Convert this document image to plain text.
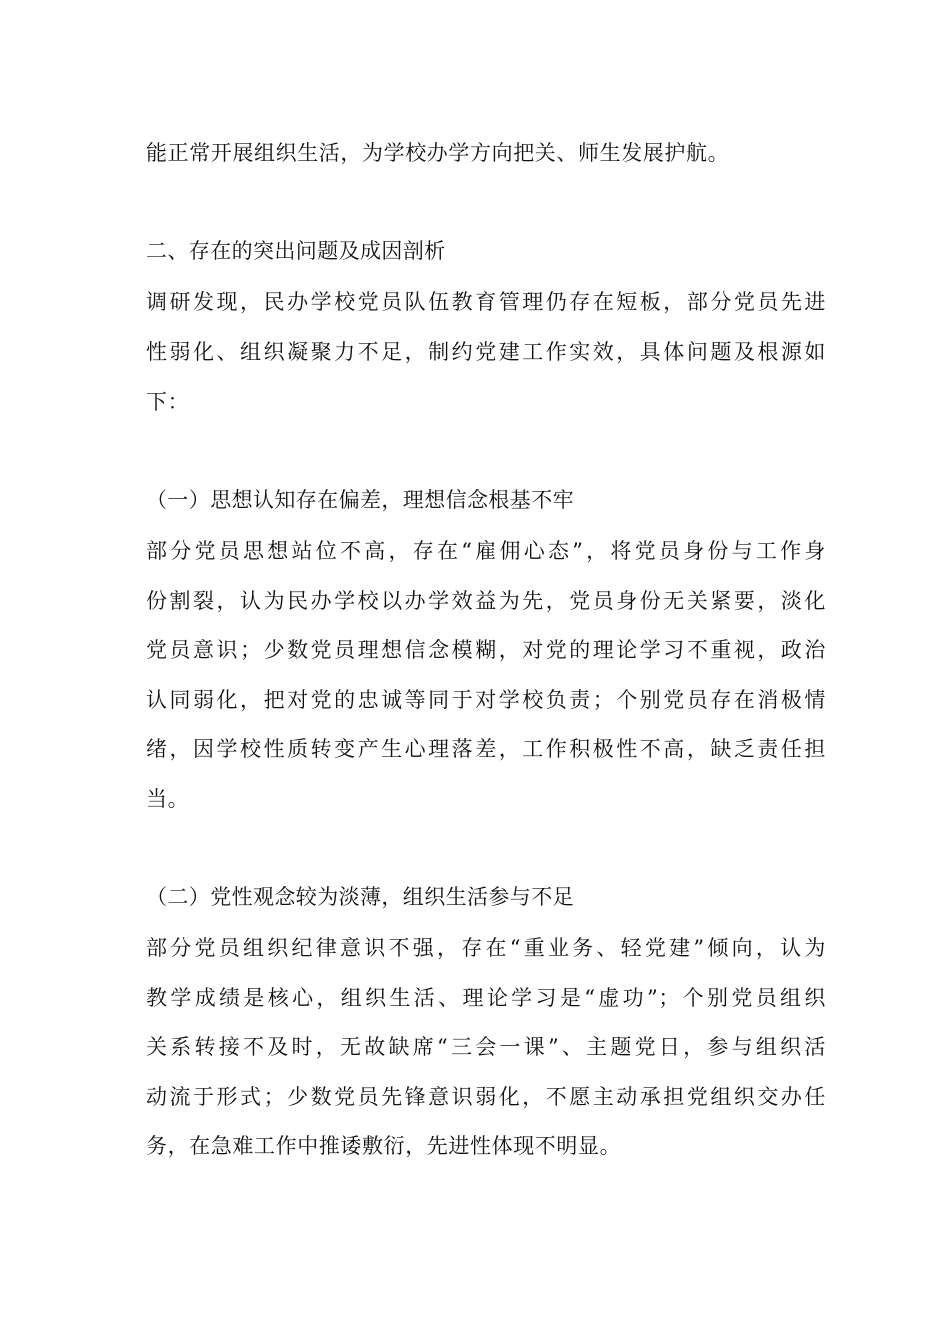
能正常开展组织生活，为学校办学方向把关、师生发展护航。
二、存在的突出问题及成因剖析
调研发现，民办学校党员队伍教育管理仍存在短板，部分党员先进
性弱化、组织凝聚力不足，制约党建工作实效，具体问题及根源如
下：
（一）思想认知存在偏差，理想信念根基不牢
部分党员思想站位不高，存在“雇佣心态”，将党员身份与工作身
份割裂，认为民办学校以办学效益为先，党员身份无关紧要，淡化
党员意识；少数党员理想信念模糊，对党的理论学习不重视，政治
认同弱化，把对党的忠诚等同于对学校负责；个别党员存在消极情
绪，因学校性质转变产生心理落差，工作积极性不高，缺乏责任担
当。
（二）党性观念较为淡薄，组织生活参与不足
部分党员组织纪律意识不强，存在“重业务、轻党建”倾向，认为
教学成绩是核心，组织生活、理论学习是“虚功”；个别党员组织
关系转接不及时，无故缺席“三会一课”、主题党日，参与组织活
动流于形式；少数党员先锋意识弱化，不愿主动承担党组织交办任
务，在急难工作中推诿敷衍，先进性体现不明显。
